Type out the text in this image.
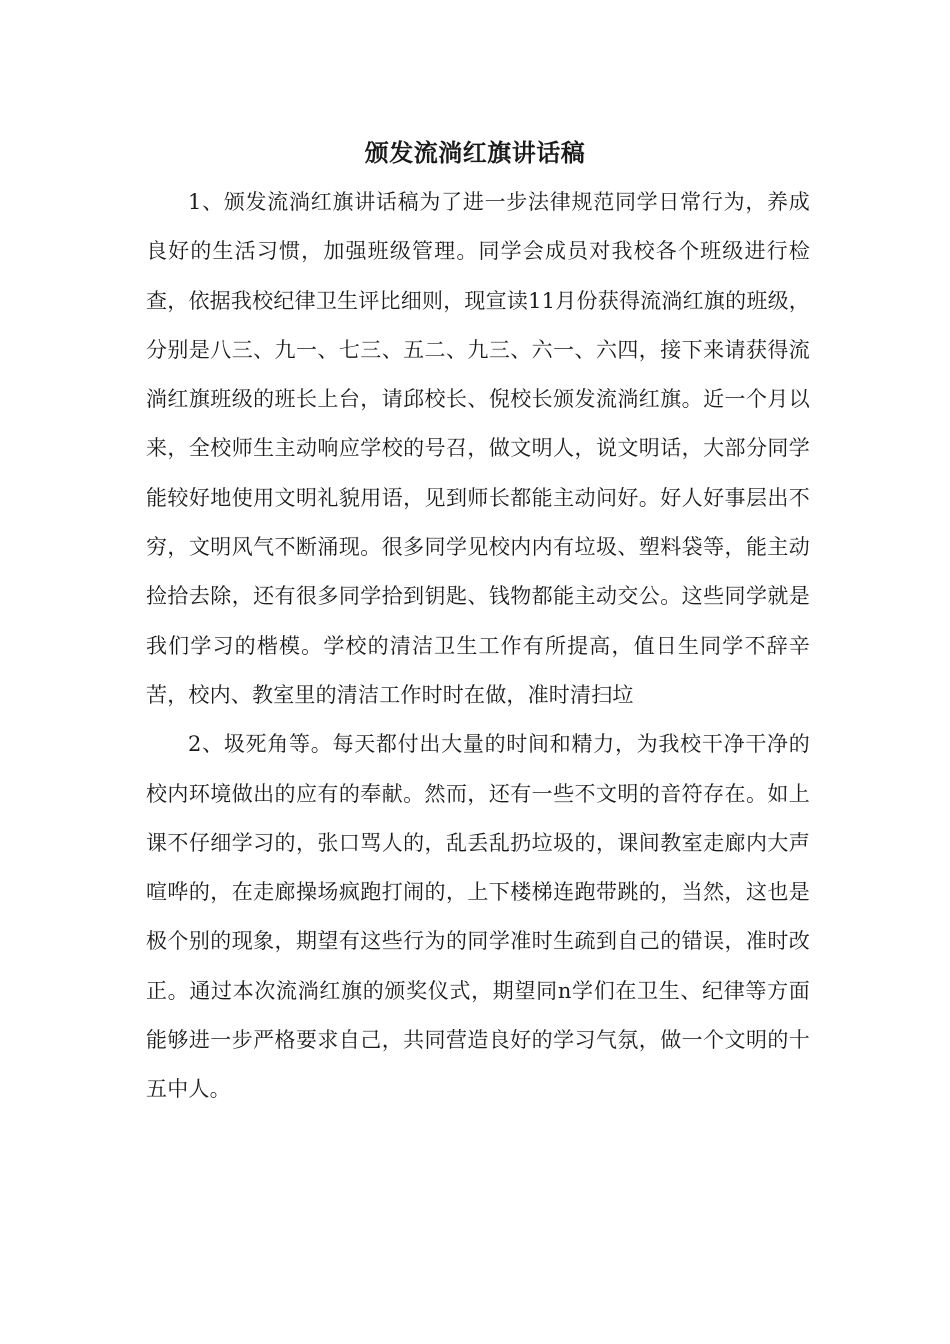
颁发流淌红旗讲话稿

1、颁发流淌红旗讲话稿为了进一步法律规范同学日常行为，养成良好的生活习惯，加强班级管理。同学会成员对我校各个班级进行检查，依据我校纪律卫生评比细则，现宣读11月份获得流淌红旗的班级，分别是八三、九一、七三、五二、九三、六一、六四，接下来请获得流淌红旗班级的班长上台，请邱校长、倪校长颁发流淌红旗。近一个月以来，全校师生主动响应学校的号召，做文明人，说文明话，大部分同学能较好地使用文明礼貌用语，见到师长都能主动问好。好人好事层出不穷，文明风气不断涌现。很多同学见校内内有垃圾、塑料袋等，能主动捡拾去除，还有很多同学拾到钥匙、钱物都能主动交公。这些同学就是我们学习的楷模。学校的清洁卫生工作有所提高，值日生同学不辞辛苦，校内、教室里的清洁工作时时在做，准时清扫垃

2、圾死角等。每天都付出大量的时间和精力，为我校干净干净的校内环境做出的应有的奉献。然而，还有一些不文明的音符存在。如上课不仔细学习的，张口骂人的，乱丢乱扔垃圾的，课间教室走廊内大声喧哗的，在走廊操场疯跑打闹的，上下楼梯连跑带跳的，当然，这也是极个别的现象，期望有这些行为的同学准时生疏到自己的错误，准时改正。通过本次流淌红旗的颁奖仪式，期望同n学们在卫生、纪律等方面能够进一步严格要求自己，共同营造良好的学习气氛，做一个文明的十五中人。
